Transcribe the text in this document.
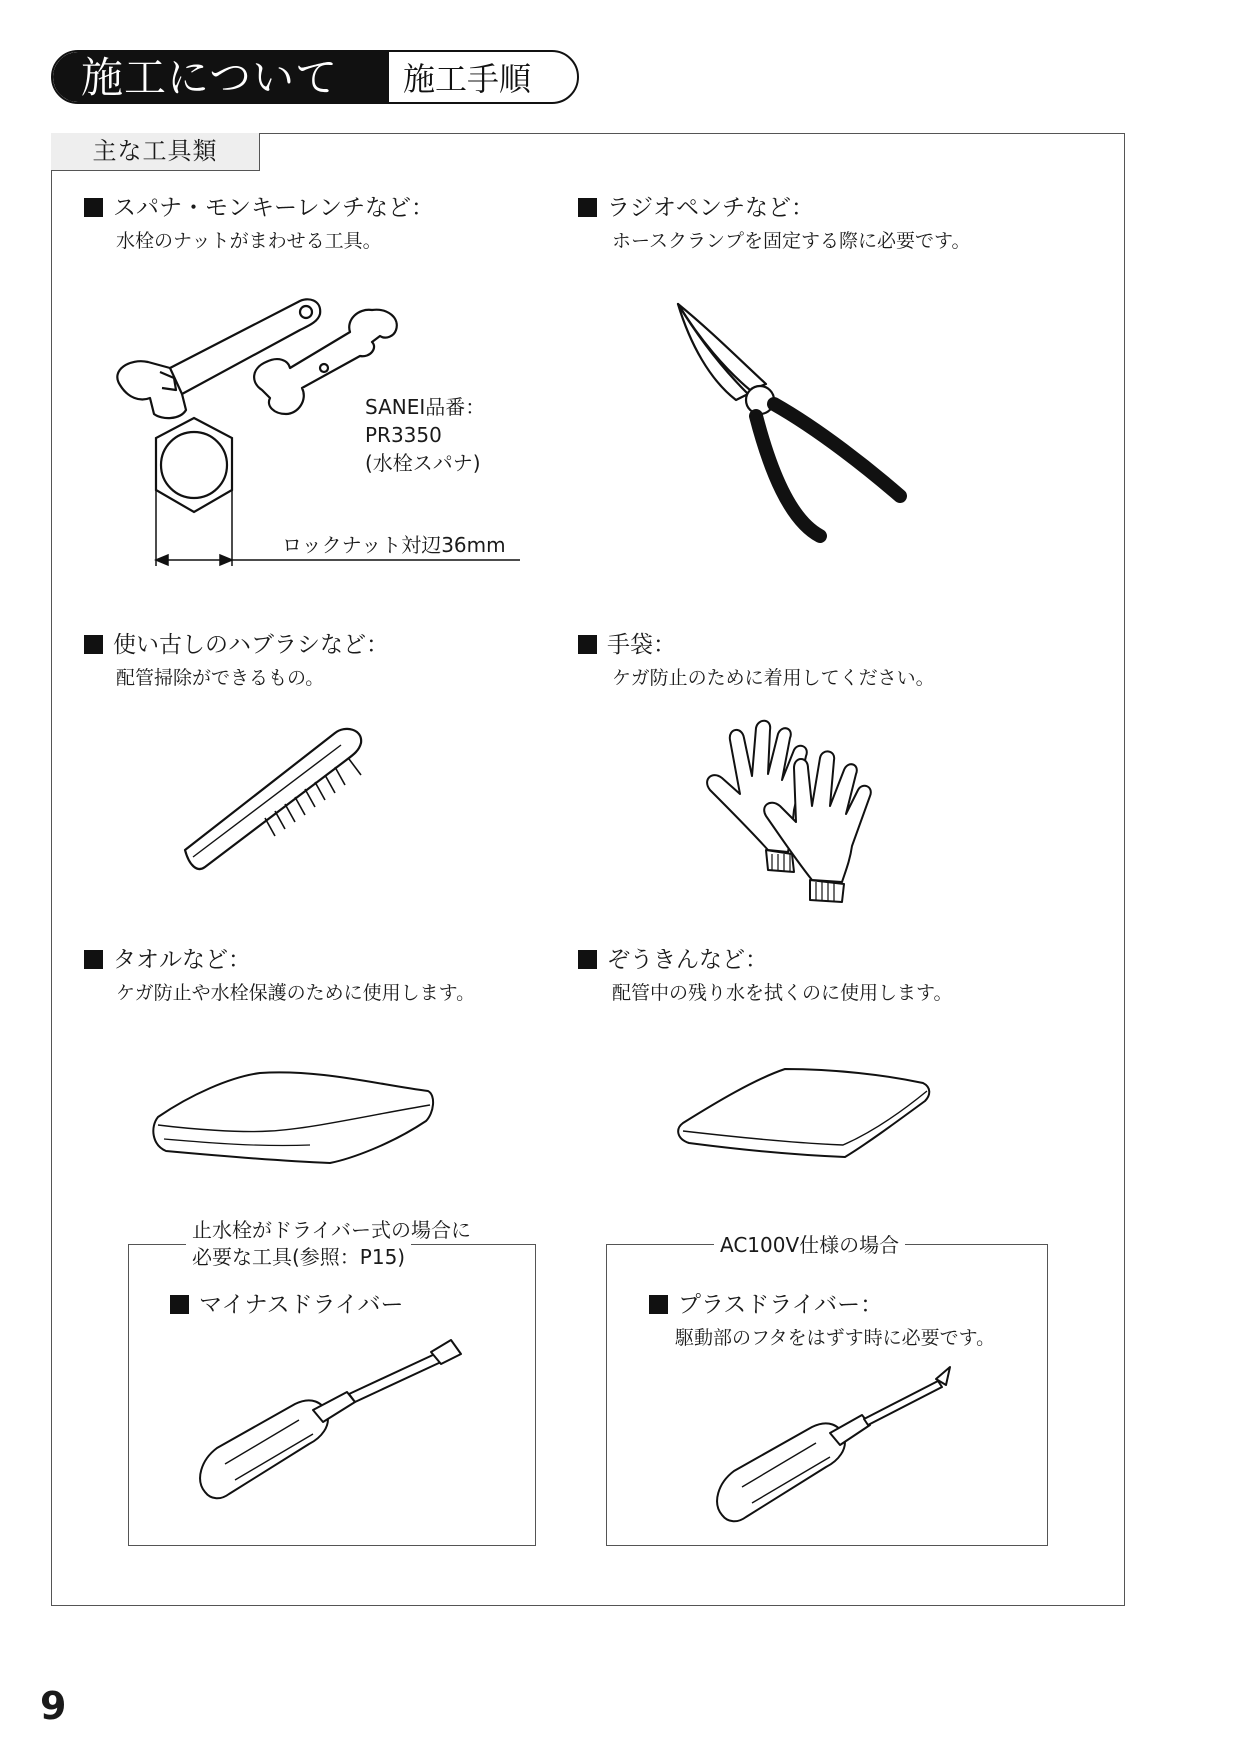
施工について 施工手順
主な工具類
スパナ・モンキーレンチなど：
水栓のナットがまわせる工具。
SANEI品番：
PR3350
(水栓スパナ)
ロックナット対辺36mm
ラジオペンチなど：
ホースクランプを固定する際に必要です。
使い古しのハブラシなど：
配管掃除ができるもの。
手袋：
ケガ防止のために着用してください。
タオルなど：
ケガ防止や水栓保護のために使用します。
ぞうきんなど：
配管中の残り水を拭くのに使用します。
止水栓がドライバー式の場合に
必要な工具(参照：P15)
マイナスドライバー
AC100V仕様の場合
プラスドライバー：
駆動部のフタをはずす時に必要です。
9
